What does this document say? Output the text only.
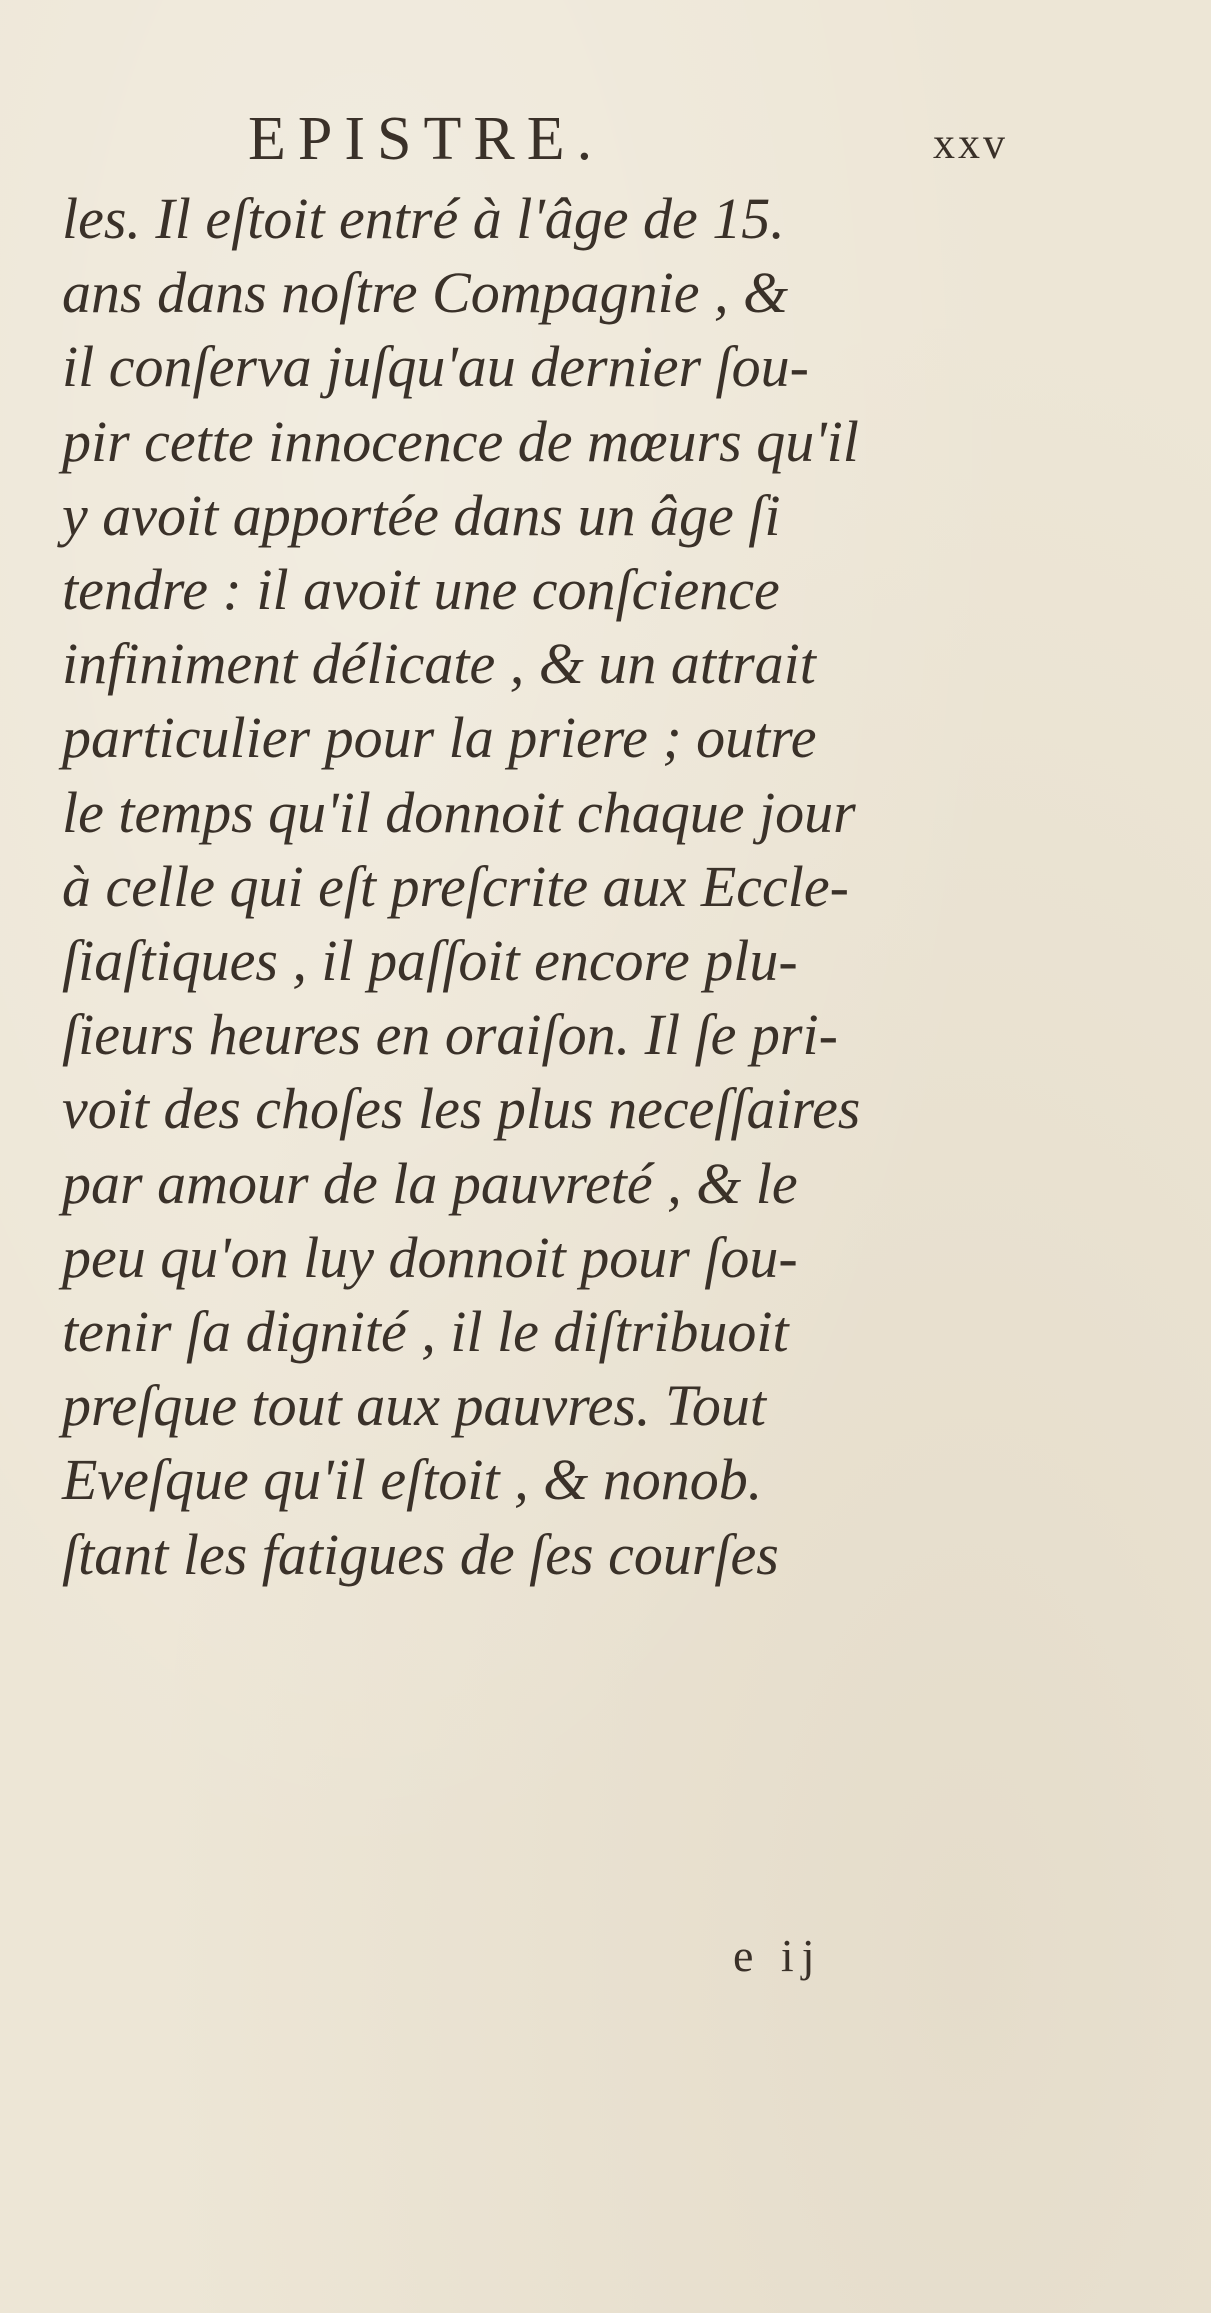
EPISTRE.	xxv
les. Il eſtoit entré à l'âge de 15.
ans dans noſtre Compagnie , &
il conſerva juſqu'au dernier ſou-
pir cette innocence de mœurs qu'il
y avoit apportée dans un âge ſi
tendre : il avoit une conſcience
infiniment délicate , & un attrait
particulier pour la priere ; outre
le temps qu'il donnoit chaque jour
à celle qui eſt preſcrite aux Eccle-
ſiaſtiques , il paſſoit encore plu-
ſieurs heures en oraiſon. Il ſe pri-
voit des choſes les plus neceſſaires
par amour de la pauvreté , & le
peu qu'on luy donnoit pour ſou-
tenir ſa dignité , il le diſtribuoit
preſque tout aux pauvres. Tout
Eveſque qu'il eſtoit , & nonob.
ſtant les fatigues de ſes courſes
e ij
